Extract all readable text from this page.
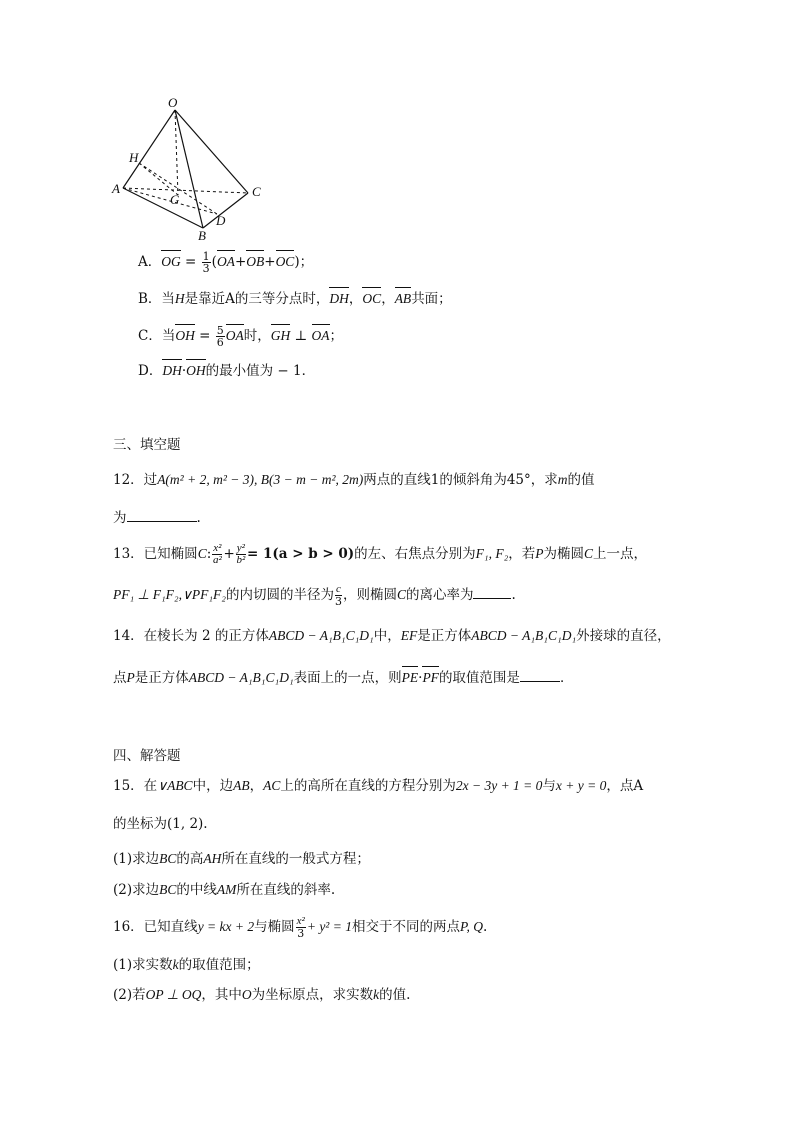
O
H
A
G
C
D
B
A．OG = $\frac{1}{3} (OA+OB+OC)$；
B．当H是靠近A的三等分点时，DH，OC，AB共面；
C．当OH = $\frac{5}{6}$ OA时，GH ⊥ OA；
D．DH·OH的最小值为 − 1．
三、填空题
12．过A(m² + 2, m² − 3), B(3 − m − m², 2m)两点的直线1的倾斜角为45°，求m的值
为	.
13．已知椭圆C: $\frac{\text{x²}}{\text{a²}} + \frac{\text{y²}}{\text{b²}} = 1(a > b > 0)$的左、右焦点分别为F₁, F₂，若P为椭圆C上一点，
PF₁ ⊥ F₁F₂,∨PF₁F₂的内切圆的半径为 $\frac{c}{3}$ ，则椭圆C的离心率为	.
14．在棱长为 2 的正方体ABCD − A₁B₁C₁D₁中，EF是正方体ABCD − A₁B₁C₁D₁外接球的直径，
点P是正方体ABCD − A₁B₁C₁D₁表面上的一点，则PE·PF的取值范围是	．
四、解答题
15．在∨ABC中，边AB，AC上的高所在直线的方程分别为2x − 3y + 1 = 0与x + y = 0，点A
的坐标为(1, 2).
(1)求边BC的高AH所在直线的一般式方程；
(2)求边BC的中线AM所在直线的斜率.
16．已知直线y = kx + 2与椭圆 $\frac{\text{x²}}{3} + y^2 = 1$相交于不同的两点P, Q.
(1)求实数k的取值范围；
(2)若OP ⊥ OQ，其中O为坐标原点，求实数k的值.
